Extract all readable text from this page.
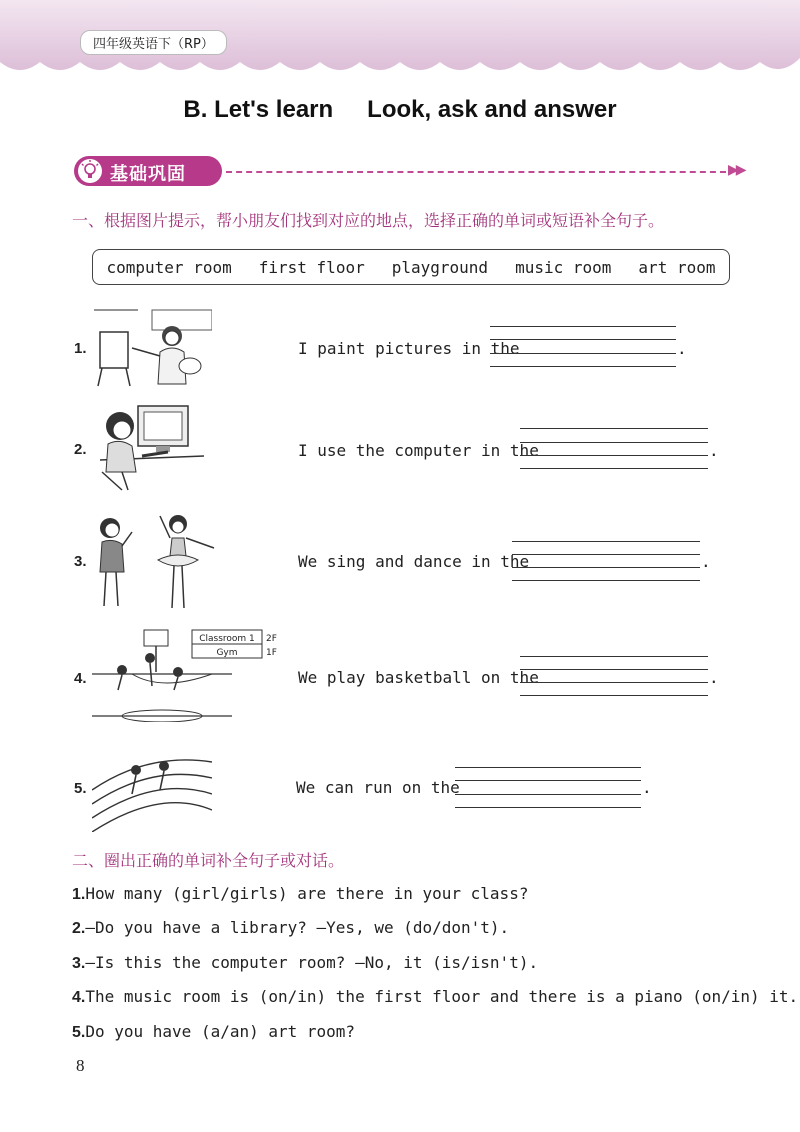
四年级英语下（RP）
B. Let's learn Look, ask and answer
基础巩固	▶▶
一、根据图片提示，帮小朋友们找到对应的地点，选择正确的单词或短语补全句子。
computer room first floor playground music room art room
1.	I paint pictures in the	.
2.	I use the computer in the	.
3.	We sing and dance in the	.
4.
Classroom 1 2F
Gym	1F
We play basketball on the	.
5.	We can run on the	.
二、圈出正确的单词补全句子或对话。
1.How many (girl/girls) are there in your class?
2.—Do you have a library? —Yes, we (do/don't).
3.—Is this the computer room? —No, it (is/isn't).
4.The music room is (on/in) the first floor and there is a piano (on/in) it.
5.Do you have (a/an) art room?
8
